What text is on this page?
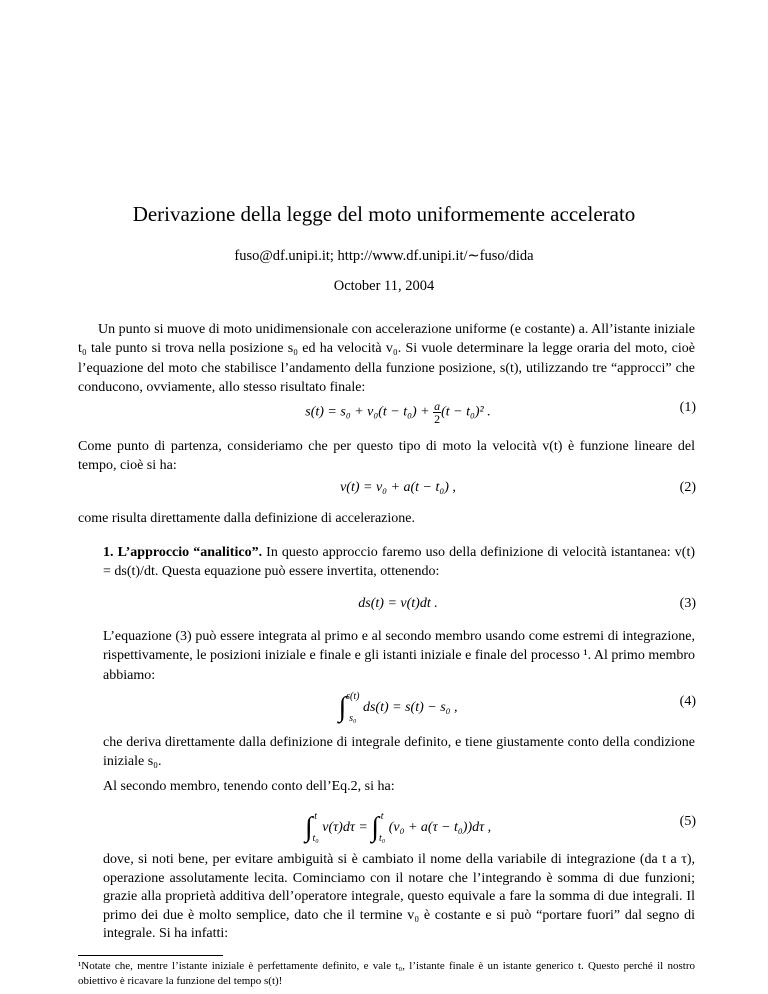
Derivazione della legge del moto uniformemente accelerato
fuso@df.unipi.it; http://www.df.unipi.it/∼fuso/dida
October 11, 2004
Un punto si muove di moto unidimensionale con accelerazione uniforme (e costante) a. All’istante iniziale t₀ tale punto si trova nella posizione s₀ ed ha velocità v₀. Si vuole determinare la legge oraria del moto, cioè l’equazione del moto che stabilisce l’andamento della funzione posizione, s(t), utilizzando tre “approcci” che conducono, ovviamente, allo stesso risultato finale:
$s(t) = s_0 + v_0(t - t_0) + \frac{a}{2} (t - t_0)^2$ .	(1)
Come punto di partenza, consideriamo che per questo tipo di moto la velocità v(t) è funzione lineare del tempo, cioè si ha:
v(t) = v₀ + a(t − t₀) ,	(2)
come risulta direttamente dalla definizione di accelerazione.
1. L’approccio “analitico”. In questo approccio faremo uso della definizione di velocità istantanea: v(t) = ds(t)/dt. Questa equazione può essere invertita, ottenendo:
ds(t) = v(t)dt .	(3)
L’equazione (3) può essere integrata al primo e al secondo membro usando come estremi di integrazione, rispettivamente, le posizioni iniziale e finale e gli istanti iniziale e finale del processo ¹. Al primo membro abbiamo:
∫ s(t)
s₀
ds(t) = s(t) − s₀ ,	(4)
che deriva direttamente dalla definizione di integrale definito, e tiene giustamente conto della condizione iniziale s₀.
Al secondo membro, tenendo conto dell’Eq.2, si ha:
∫ t
t₀
v(τ)dτ = ∫ t
t₀
(v₀ + a(τ − t₀))dτ ,	(5)
dove, si noti bene, per evitare ambiguità si è cambiato il nome della variabile di integrazione (da t a τ), operazione assolutamente lecita. Cominciamo con il notare che l’integrando è somma di due funzioni; grazie alla proprietà additiva dell’operatore integrale, questo equivale a fare la somma di due integrali. Il primo dei due è molto semplice, dato che il termine v₀ è costante e si può “portare fuori” dal segno di integrale. Si ha infatti:
¹Notate che, mentre l’istante iniziale è perfettamente definito, e vale t₀, l’istante finale è un istante generico t. Questo perché il nostro obiettivo è ricavare la funzione del tempo s(t)!
